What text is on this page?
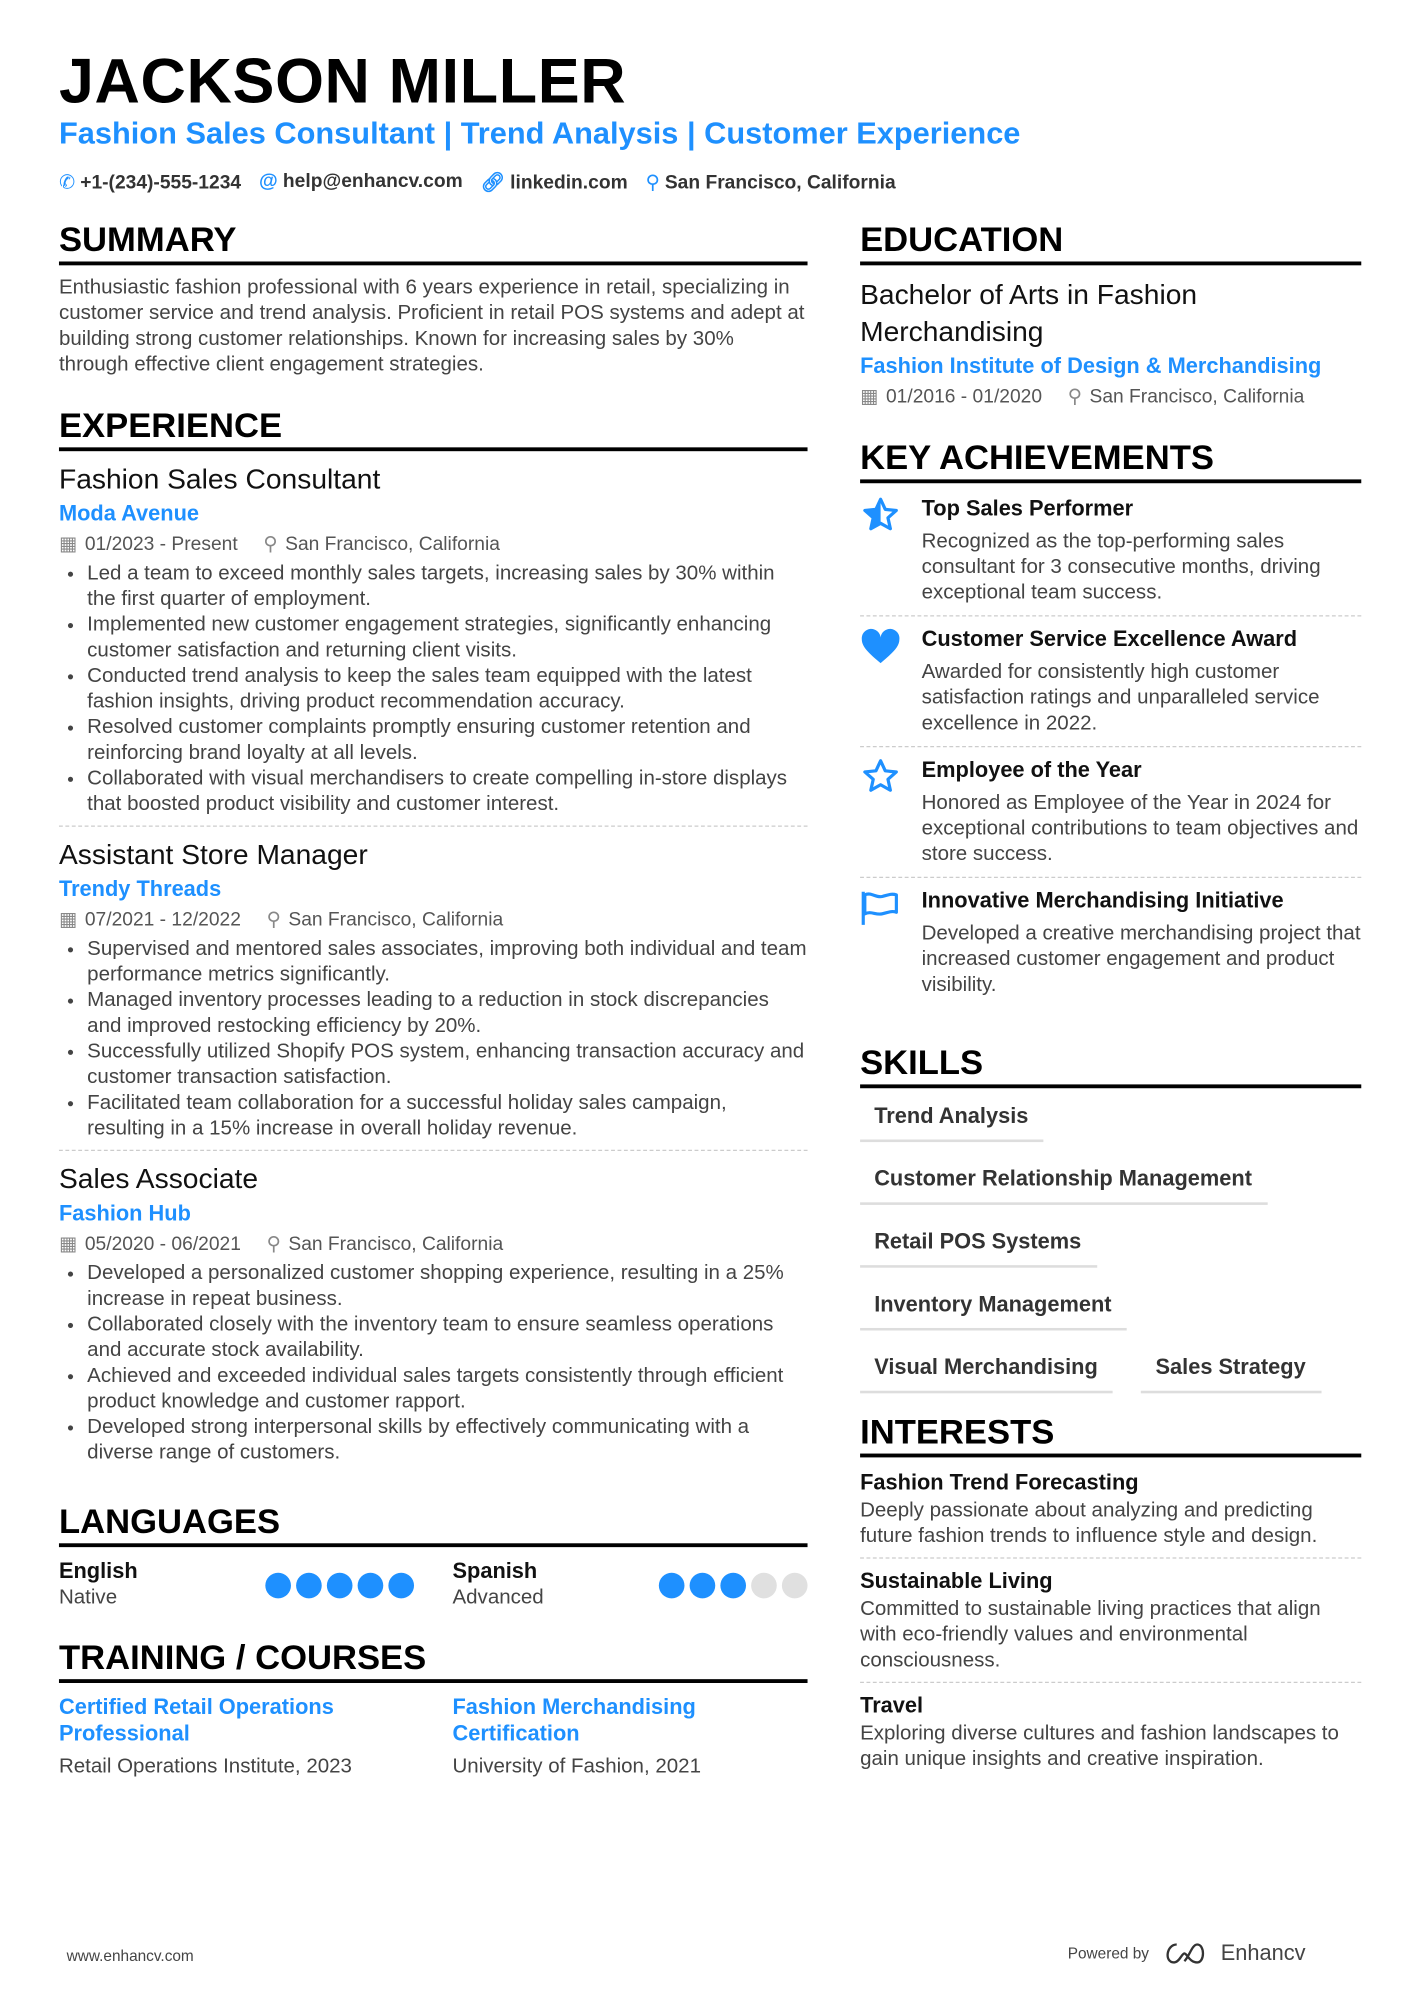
JACKSON MILLER
Fashion Sales Consultant | Trend Analysis | Customer Experience
✆ +1-(234)-555-1234 @ help@enhancv.com 🔗︎ linkedin.com ⚲ San Francisco, California
SUMMARY
Enthusiastic fashion professional with 6 years experience in retail, specializing in customer service and trend analysis. Proficient in retail POS systems and adept at building strong customer relationships. Known for increasing sales by 30% through effective client engagement strategies.
EXPERIENCE
Fashion Sales Consultant
Moda Avenue
▦ 01/2023 - Present ⚲ San Francisco, California
• Led a team to exceed monthly sales targets, increasing sales by 30% within the first quarter of employment.
• Implemented new customer engagement strategies, significantly enhancing customer satisfaction and returning client visits.
• Conducted trend analysis to keep the sales team equipped with the latest fashion insights, driving product recommendation accuracy.
• Resolved customer complaints promptly ensuring customer retention and reinforcing brand loyalty at all levels.
• Collaborated with visual merchandisers to create compelling in-store displays that boosted product visibility and customer interest.
Assistant Store Manager
Trendy Threads
▦ 07/2021 - 12/2022 ⚲ San Francisco, California
• Supervised and mentored sales associates, improving both individual and team performance metrics significantly.
• Managed inventory processes leading to a reduction in stock discrepancies and improved restocking efficiency by 20%.
• Successfully utilized Shopify POS system, enhancing transaction accuracy and customer transaction satisfaction.
• Facilitated team collaboration for a successful holiday sales campaign, resulting in a 15% increase in overall holiday revenue.
Sales Associate
Fashion Hub
▦ 05/2020 - 06/2021 ⚲ San Francisco, California
• Developed a personalized customer shopping experience, resulting in a 25% increase in repeat business.
• Collaborated closely with the inventory team to ensure seamless operations and accurate stock availability.
• Achieved and exceeded individual sales targets consistently through efficient product knowledge and customer rapport.
• Developed strong interpersonal skills by effectively communicating with a diverse range of customers.
LANGUAGES
English
Native
Spanish
Advanced
TRAINING / COURSES
Certified Retail Operations Professional
Retail Operations Institute, 2023
Fashion Merchandising Certification
University of Fashion, 2021
EDUCATION
Bachelor of Arts in Fashion Merchandising
Fashion Institute of Design & Merchandising
▦ 01/2016 - 01/2020 ⚲ San Francisco, California
KEY ACHIEVEMENTS
Top Sales Performer
Recognized as the top-performing sales consultant for 3 consecutive months, driving exceptional team success.
Customer Service Excellence Award
Awarded for consistently high customer satisfaction ratings and unparalleled service excellence in 2022.
Employee of the Year
Honored as Employee of the Year in 2024 for exceptional contributions to team objectives and store success.
Innovative Merchandising Initiative
Developed a creative merchandising project that increased customer engagement and product visibility.
SKILLS
Trend Analysis
Customer Relationship Management
Retail POS Systems
Inventory Management
Visual Merchandising	Sales Strategy
INTERESTS
Fashion Trend Forecasting
Deeply passionate about analyzing and predicting future fashion trends to influence style and design.
Sustainable Living
Committed to sustainable living practices that align with eco-friendly values and environmental consciousness.
Travel
Exploring diverse cultures and fashion landscapes to gain unique insights and creative inspiration.
www.enhancv.com	Powered by	Enhancv
